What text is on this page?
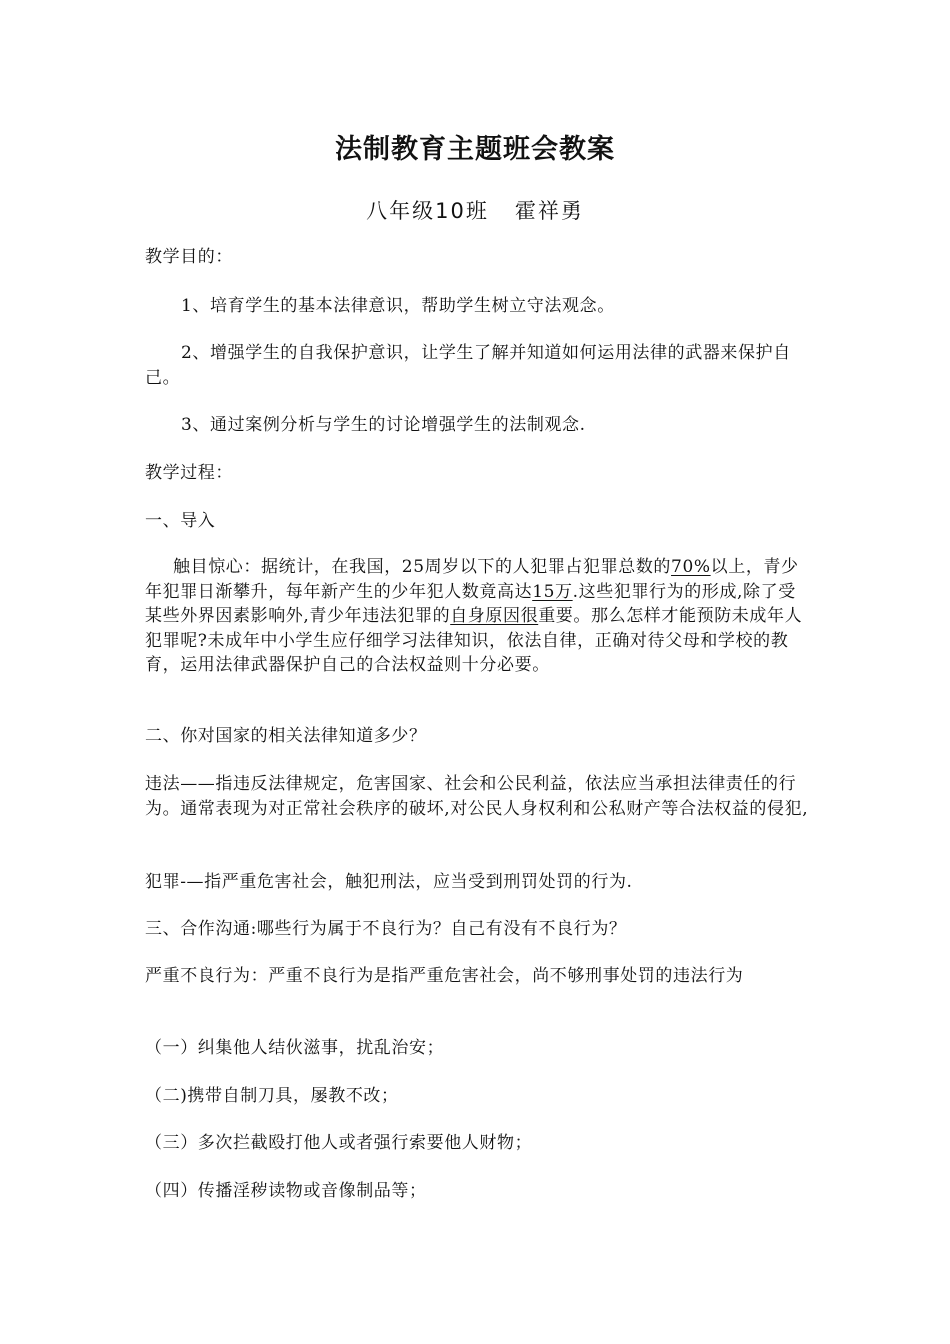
法制教育主题班会教案
八年级10班 霍祥勇

教学目的：

1、培育学生的基本法律意识，帮助学生树立守法观念。

2、增强学生的自我保护意识，让学生了解并知道如何运用法律的武器来保护自己。

3、通过案例分析与学生的讨论增强学生的法制观念.

教学过程：

一、导入

触目惊心：据统计，在我国，25周岁以下的人犯罪占犯罪总数的70%以上，青少年犯罪日渐攀升，每年新产生的少年犯人数竟高达15万.这些犯罪行为的形成,除了受某些外界因素影响外,青少年违法犯罪的自身原因很重要。那么怎样才能预防未成年人犯罪呢?未成年中小学生应仔细学习法律知识，依法自律，正确对待父母和学校的教育，运用法律武器保护自己的合法权益则十分必要。

二、你对国家的相关法律知道多少？

违法——指违反法律规定，危害国家、社会和公民利益，依法应当承担法律责任的行为。通常表现为对正常社会秩序的破坏,对公民人身权利和公私财产等合法权益的侵犯,

犯罪-—指严重危害社会，触犯刑法，应当受到刑罚处罚的行为.

三、合作沟通:哪些行为属于不良行为？自己有没有不良行为？

严重不良行为：严重不良行为是指严重危害社会，尚不够刑事处罚的违法行为

（一）纠集他人结伙滋事，扰乱治安；

（二)携带自制刀具，屡教不改；

（三）多次拦截殴打他人或者强行索要他人财物；

（四）传播淫秽读物或音像制品等；
